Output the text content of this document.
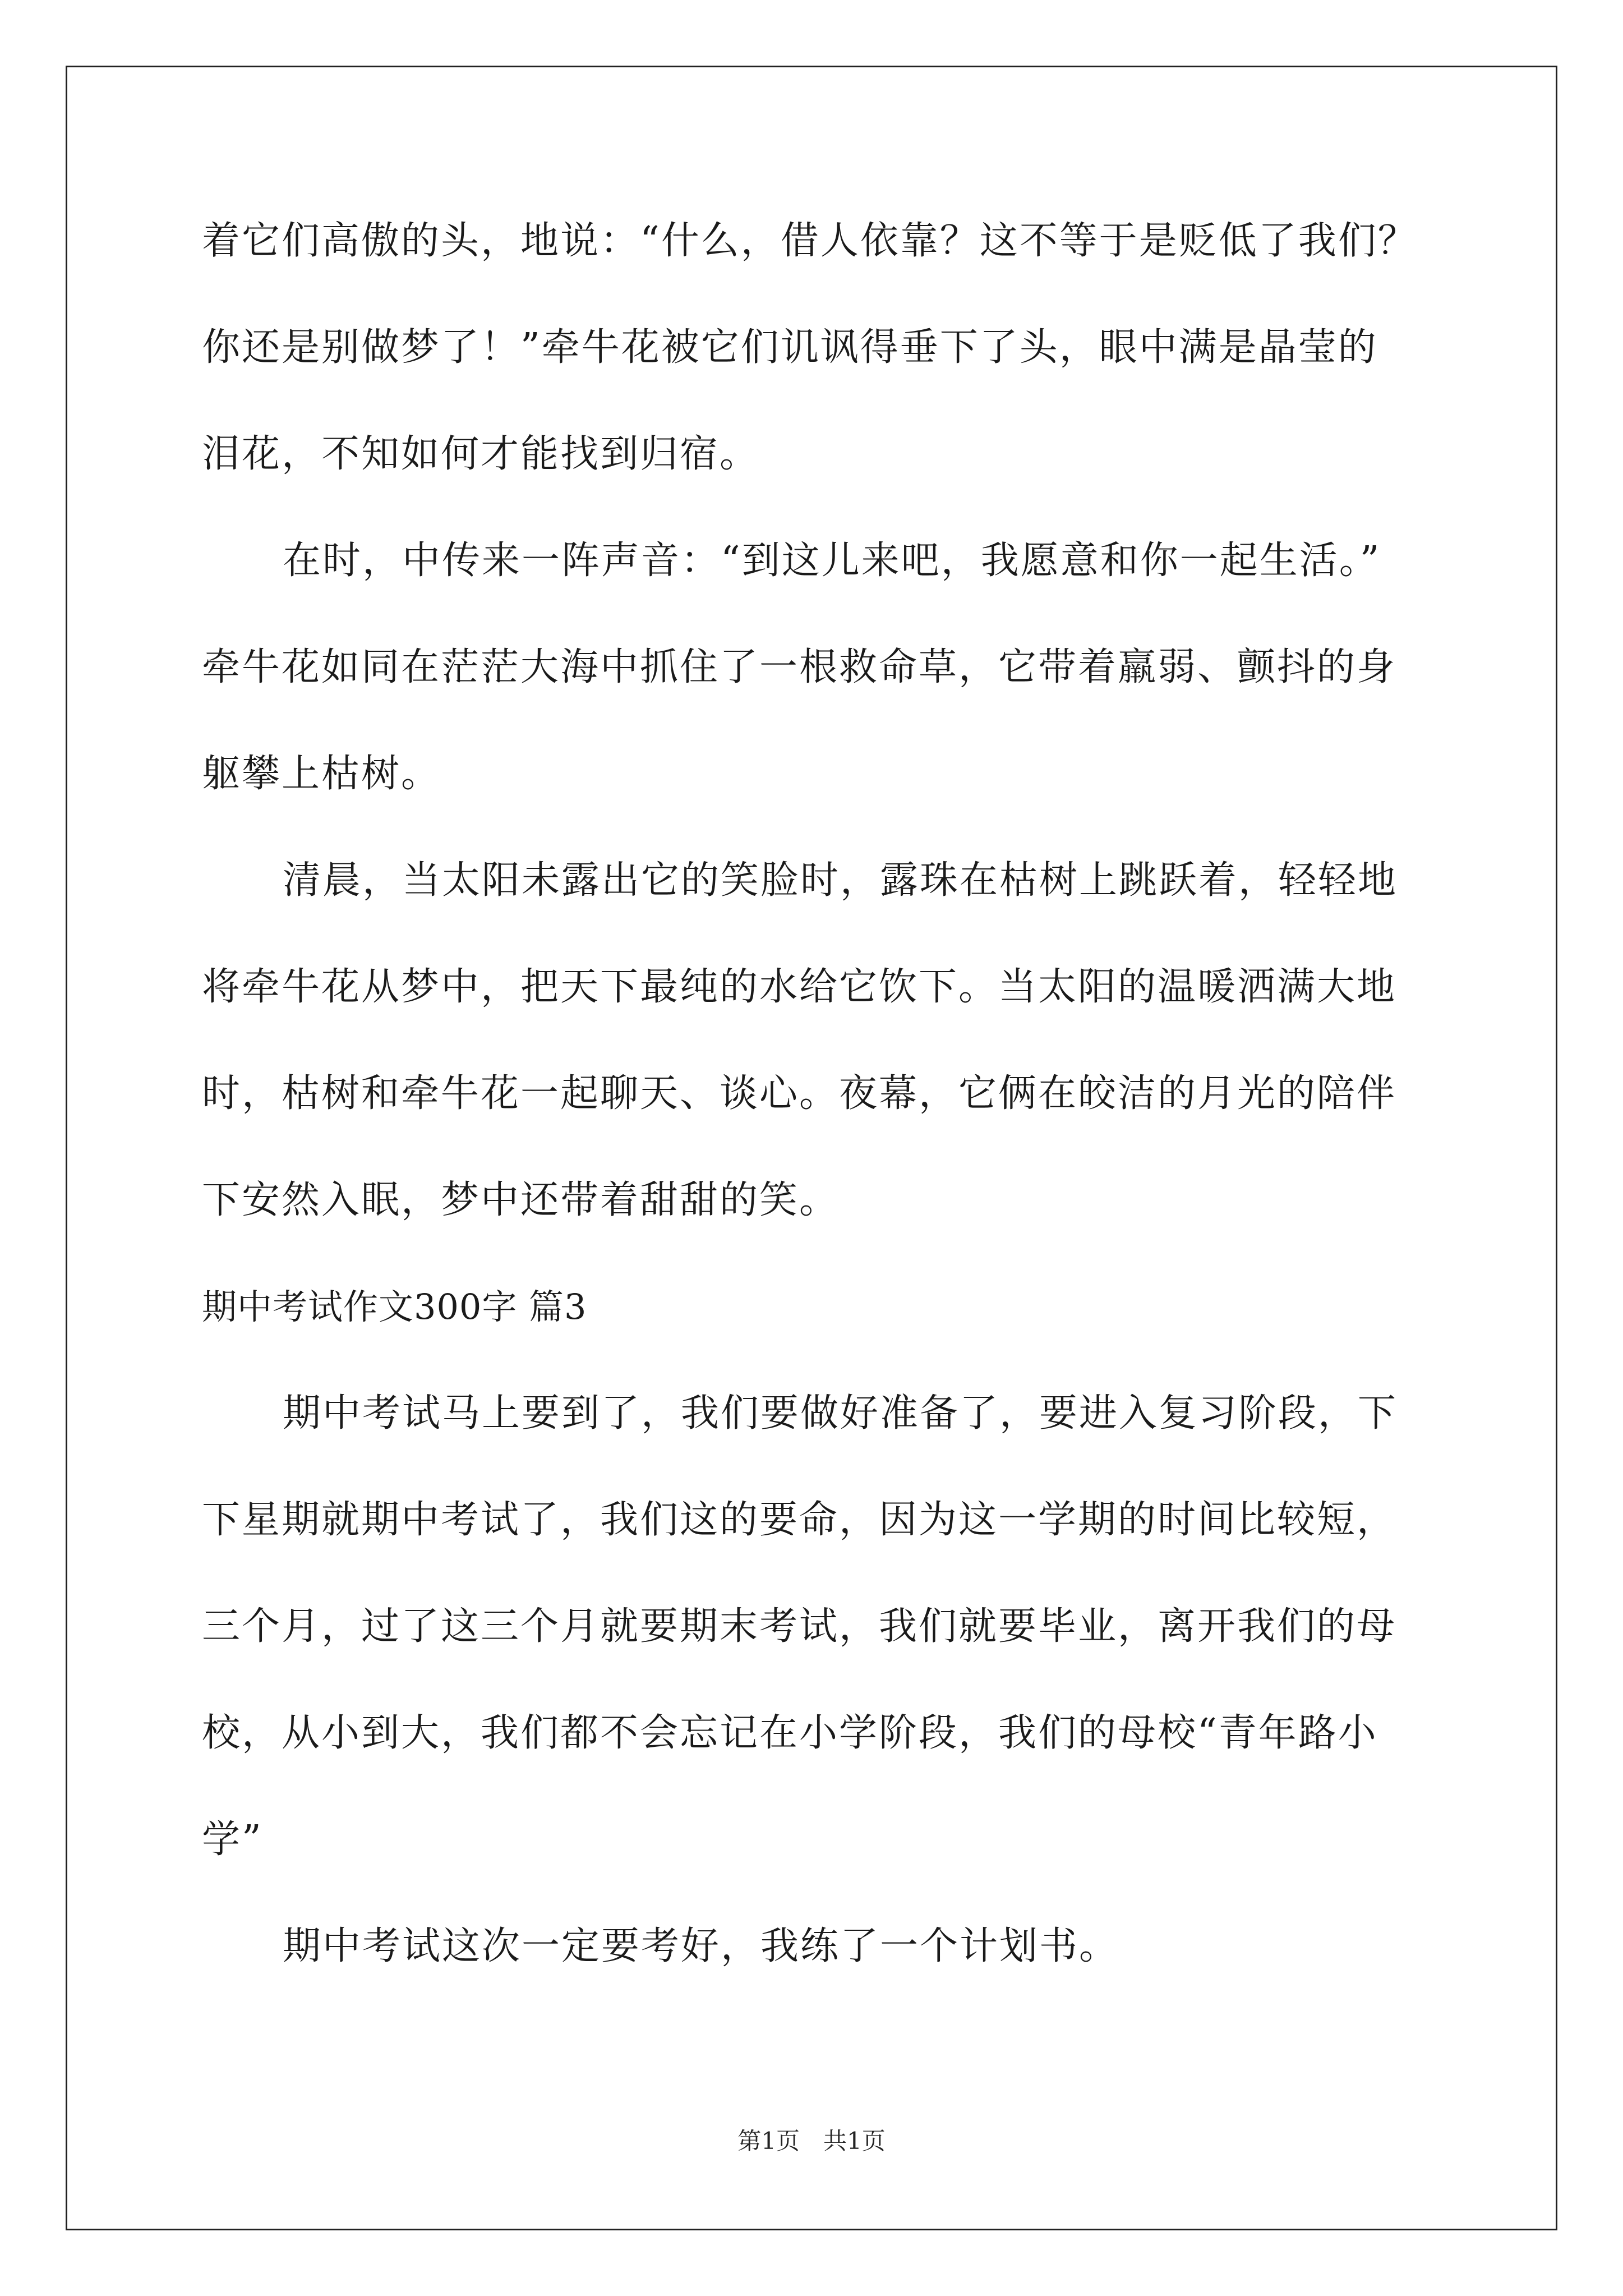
着它们高傲的头，地说：“什么，借人依靠？这不等于是贬低了我们？
你还是别做梦了！”牵牛花被它们讥讽得垂下了头，眼中满是晶莹的
泪花，不知如何才能找到归宿。
在时，中传来一阵声音：“到这儿来吧，我愿意和你一起生活。”
牵牛花如同在茫茫大海中抓住了一根救命草，它带着羸弱、颤抖的身
躯攀上枯树。
清晨，当太阳未露出它的笑脸时，露珠在枯树上跳跃着，轻轻地
将牵牛花从梦中，把天下最纯的水给它饮下。当太阳的温暖洒满大地
时，枯树和牵牛花一起聊天、谈心。夜幕，它俩在皎洁的月光的陪伴
下安然入眠，梦中还带着甜甜的笑。
期中考试作文300字 篇3
期中考试马上要到了，我们要做好准备了，要进入复习阶段，下
下星期就期中考试了，我们这的要命，因为这一学期的时间比较短，
三个月，过了这三个月就要期末考试，我们就要毕业，离开我们的母
校，从小到大，我们都不会忘记在小学阶段，我们的母校“青年路小
学”
期中考试这次一定要考好，我练了一个计划书。
第1页　共1页
